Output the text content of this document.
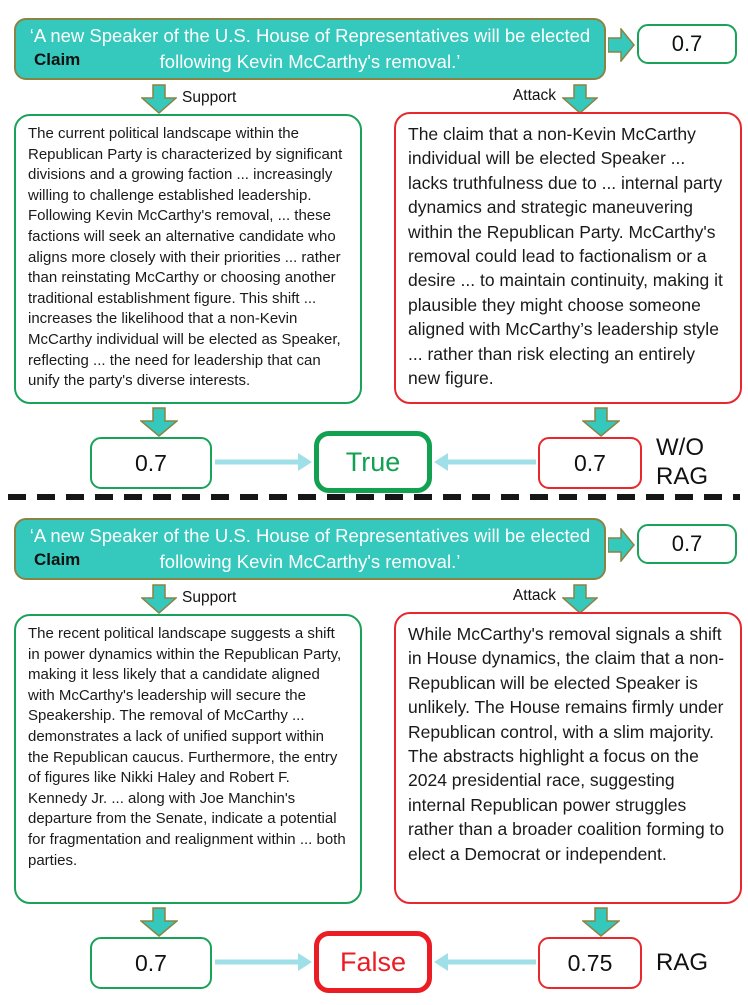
‘A new Speaker of the U.S. House of Representatives will be elected following Kevin McCarthy's removal.’
Claim
0.7
Support	Attack
The current political landscape within the Republican Party is characterized by significant divisions and a growing faction ... increasingly willing to challenge established leadership. Following Kevin McCarthy's removal, ... these factions will seek an alternative candidate who aligns more closely with their priorities ... rather than reinstating McCarthy or choosing another traditional establishment figure. This shift ... increases the likelihood that a non-Kevin McCarthy individual will be elected as Speaker, reflecting ... the need for leadership that can unify the party's diverse interests.
The claim that a non-Kevin McCarthy individual will be elected Speaker ... lacks truthfulness due to ... internal party dynamics and strategic maneuvering within the Republican Party. McCarthy's removal could lead to factionalism or a desire ... to maintain continuity, making it plausible they might choose someone aligned with McCarthy’s leadership style ... rather than risk electing an entirely new figure.
0.7	True	0.7
W/O RAG
‘A new Speaker of the U.S. House of Representatives will be elected following Kevin McCarthy's removal.’
Claim
0.7
Support	Attack
The recent political landscape suggests a shift in power dynamics within the Republican Party, making it less likely that a candidate aligned with McCarthy's leadership will secure the Speakership. The removal of McCarthy ... demonstrates a lack of unified support within the Republican caucus. Furthermore, the entry of figures like Nikki Haley and Robert F. Kennedy Jr. ... along with Joe Manchin's departure from the Senate, indicate a potential for fragmentation and realignment within ... both parties.
While McCarthy's removal signals a shift in House dynamics, the claim that a non-Republican will be elected Speaker is unlikely. The House remains firmly under Republican control, with a slim majority. The abstracts highlight a focus on the 2024 presidential race, suggesting internal Republican power struggles rather than a broader coalition forming to elect a Democrat or independent.
0.7	False	0.75	RAG
